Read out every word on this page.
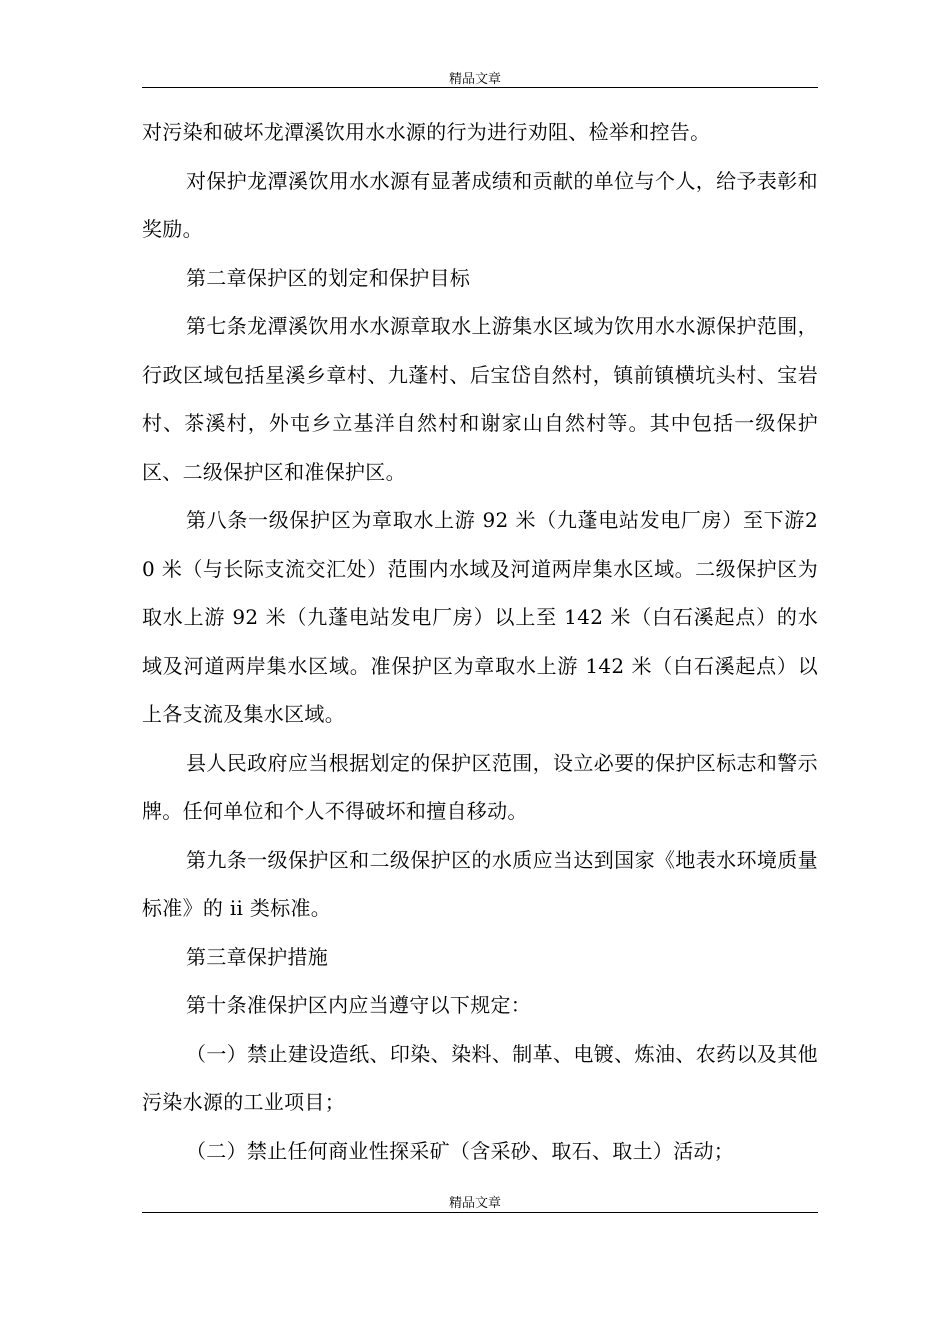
精品文章

对污染和破坏龙潭溪饮用水水源的行为进行劝阻、检举和控告。

对保护龙潭溪饮用水水源有显著成绩和贡献的单位与个人，给予表彰和奖励。

第二章保护区的划定和保护目标

第七条龙潭溪饮用水水源章取水上游集水区域为饮用水水源保护范围，行政区域包括星溪乡章村、九蓬村、后宝岱自然村，镇前镇横坑头村、宝岩村、茶溪村，外屯乡立基洋自然村和谢家山自然村等。其中包括一级保护区、二级保护区和准保护区。

第八条一级保护区为章取水上游 92 米（九蓬电站发电厂房）至下游20 米（与长际支流交汇处）范围内水域及河道两岸集水区域。二级保护区为取水上游 92 米（九蓬电站发电厂房）以上至 142 米（白石溪起点）的水域及河道两岸集水区域。准保护区为章取水上游 142 米（白石溪起点）以上各支流及集水区域。

县人民政府应当根据划定的保护区范围，设立必要的保护区标志和警示牌。任何单位和个人不得破坏和擅自移动。

第九条一级保护区和二级保护区的水质应当达到国家《地表水环境质量标准》的 ii 类标准。

第三章保护措施

第十条准保护区内应当遵守以下规定：

（一）禁止建设造纸、印染、染料、制革、电镀、炼油、农药以及其他污染水源的工业项目；

（二）禁止任何商业性探采矿（含采砂、取石、取土）活动；

精品文章
